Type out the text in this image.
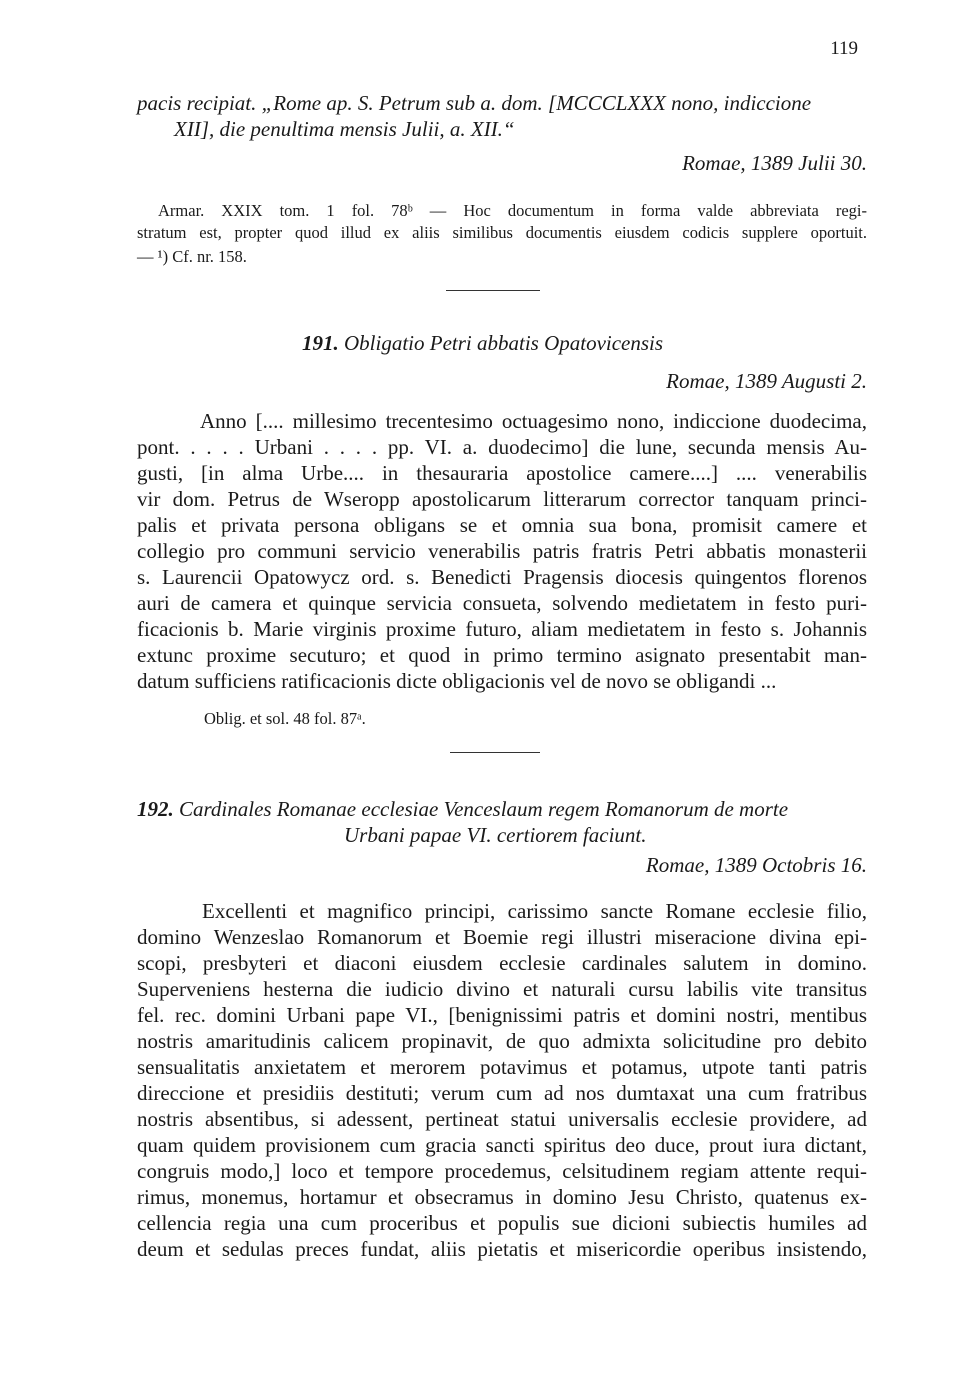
119
pacis recipiat. „Rome ap. S. Petrum sub a. dom. [MCCCLXXX nono, indiccione
XII], die penultima mensis Julii, a. XII.“
Romae, 1389 Julii 30.
Armar. XXIX tom. 1 fol. 78ᵇ — Hoc documentum in forma valde abbreviata regi-
stratum est, propter quod illud ex aliis similibus documentis eiusdem codicis supplere oportuit.
— ¹) Cf. nr. 158.
191. Obligatio Petri abbatis Opatovicensis
Romae, 1389 Augusti 2.
Anno [.... millesimo trecentesimo octuagesimo nono, indiccione duodecima,
pont. . . . . Urbani . . . . pp. VI. a. duodecimo] die lune, secunda mensis Au-
gusti, [in alma Urbe.... in thesauraria apostolice camere....] .... venerabilis
vir dom. Petrus de Wseropp apostolicarum litterarum corrector tanquam princi-
palis et privata persona obligans se et omnia sua bona, promisit camere et
collegio pro communi servicio venerabilis patris fratris Petri abbatis monasterii
s. Laurencii Opatowycz ord. s. Benedicti Pragensis diocesis quingentos florenos
auri de camera et quinque servicia consueta, solvendo medietatem in festo puri-
ficacionis b. Marie virginis proxime futuro, aliam medietatem in festo s. Johannis
extunc proxime secuturo; et quod in primo termino asignato presentabit man-
datum sufficiens ratificacionis dicte obligacionis vel de novo se obligandi ...
Oblig. et sol. 48 fol. 87ᵃ.
192. Cardinales Romanae ecclesiae Venceslaum regem Romanorum de morte
Urbani papae VI. certiorem faciunt.
Romae, 1389 Octobris 16.
Excellenti et magnifico principi, carissimo sancte Romane ecclesie filio,
domino Wenzeslao Romanorum et Boemie regi illustri miseracione divina epi-
scopi, presbyteri et diaconi eiusdem ecclesie cardinales salutem in domino.
Superveniens hesterna die iudicio divino et naturali cursu labilis vite transitus
fel. rec. domini Urbani pape VI., [benignissimi patris et domini nostri, mentibus
nostris amaritudinis calicem propinavit, de quo admixta solicitudine pro debito
sensualitatis anxietatem et merorem potavimus et potamus, utpote tanti patris
direccione et presidiis destituti; verum cum ad nos dumtaxat una cum fratribus
nostris absentibus, si adessent, pertineat statui universalis ecclesie providere, ad
quam quidem provisionem cum gracia sancti spiritus deo duce, prout iura dictant,
congruis modo,] loco et tempore procedemus, celsitudinem regiam attente requi-
rimus, monemus, hortamur et obsecramus in domino Jesu Christo, quatenus ex-
cellencia regia una cum proceribus et populis sue dicioni subiectis humiles ad
deum et sedulas preces fundat, aliis pietatis et misericordie operibus insistendo,
